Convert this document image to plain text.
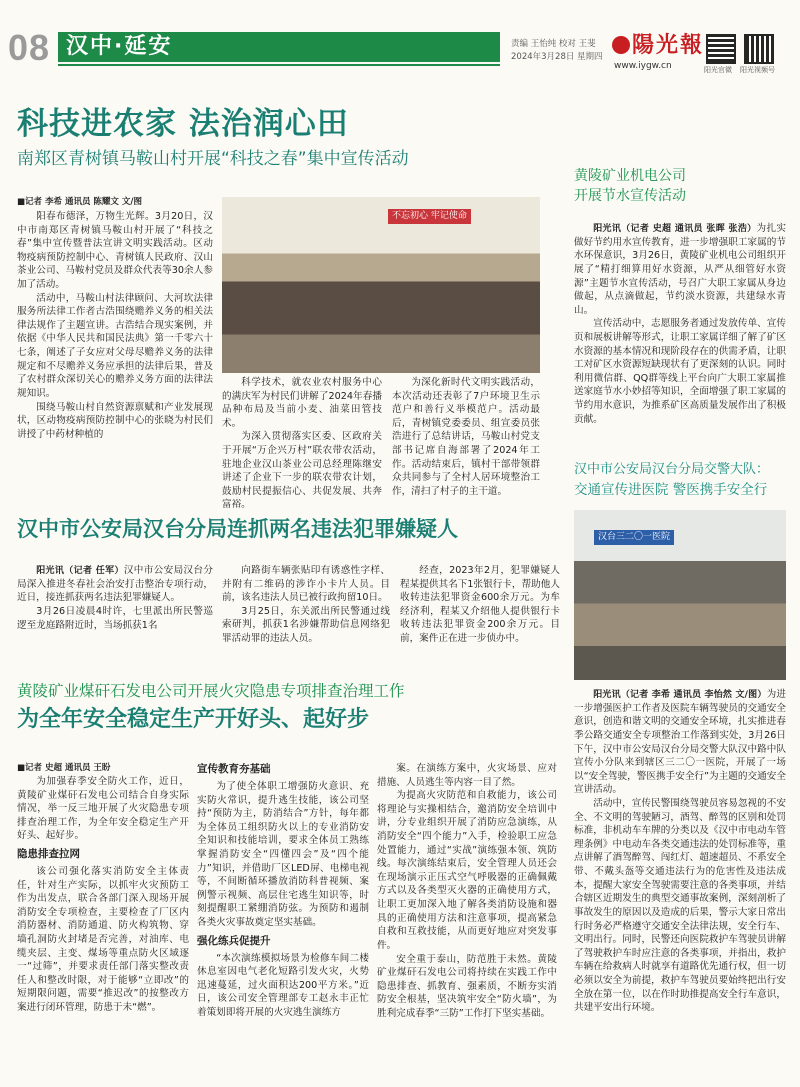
08 汉中·延安	责编 王怡纯 校对 王斐
2024年3月28日 星期四 陽光報
www.iygw.cn	阳光官微 阳光视频号
科技进农家 法治润心田
南郑区青树镇马鞍山村开展“科技之春”集中宣传活动
■记者 李希 通讯员 陈耀文 文/图

阳春布德泽，万物生光辉。3月20日，汉中市南郑区青树镇马鞍山村开展了“科技之春”集中宣传暨普法宣讲文明实践活动。区动物疫病预防控制中心、青树镇人民政府、汉山茶业公司、马鞍村党员及群众代表等30余人参加了活动。

活动中，马鞍山村法律顾问、大河坎法律服务所法律工作者古浩围绕赡养义务的相关法律法规作了主题宣讲。古浩结合现实案例，并依据《中华人民共和国民法典》第一千零六十七条，阐述了子女应对父母尽赡养义务的法律规定和不尽赡养义务应承担的法律后果，普及了农村群众深切关心的赡养义务方面的法律法规知识。

围绕马鞍山村自然资源禀赋和产业发展现状，区动物疫病预防控制中心的张晓为村民们讲授了中药材种植的

不忘初心 牢记使命

科学技术，就农业农村服务中心的满庆军为村民们讲解了2024年春播品种布局及当前小麦、油菜田管技术。

为深入贯彻落实区委、区政府关于开展“万企兴万村”联农带农活动，驻地企业汉山茶业公司总经理陈继安讲述了企业下一步的联农带农计划，鼓励村民提振信心、共促发展、共奔富裕。

为深化新时代文明实践活动，本次活动还表彰了7户环境卫生示范户和善行义举模范户。活动最后，青树镇党委委员、组宣委员张浩进行了总结讲话，马鞍山村党支部书记席自海部署了2024年工作。活动结束后，镇村干部带领群众共同参与了全村人居环境整治工作，清扫了村子的主干道。

黄陵矿业机电公司
开展节水宣传活动

阳光讯（记者 史超 通讯员 张晖 张浩）为扎实做好节约用水宣传教育，进一步增强职工家属的节水环保意识，3月26日，黄陵矿业机电公司组织开展了“精打细算用好水资源，从严从细管好水资源”主题节水宣传活动，号召广大职工家属从身边做起，从点滴做起，节约淡水资源，共建绿水青山。

宣传活动中，志愿服务者通过发放传单、宣传页和展板讲解等形式，让职工家属详细了解了矿区水资源的基本情况和现阶段存在的供需矛盾，让职工对矿区水资源短缺现状有了更深刻的认识。同时利用微信群、QQ群等线上平台向广大职工家属推送家庭节水小妙招等知识，全面增强了职工家属的节约用水意识，为推系矿区高质量发展作出了积极贡献。

汉中市公安局汉台分局交警大队：
交通宣传进医院 警医携手安全行
汉台三二〇一医院

阳光讯（记者 李希 通讯员 李怡然 文/图）为进一步增强医护工作者及医院车辆驾驶员的交通安全意识，创造和谐文明的交通安全环境，扎实推进春季公路交通安全专项整治工作落到实处，3月26日下午，汉中市公安局汉台分局交警大队汉中路中队宣传小分队来到辖区三二〇一医院，开展了一场以“安全驾驶，警医携手安全行”为主题的交通安全宣讲活动。

活动中，宣传民警围绕驾驶员容易忽视的不安全、不文明的驾驶陋习，酒驾、醉驾的区别和处罚标准，非机动车车牌的分类以及《汉中市电动车管理条例》中电动车各类交通违法的处罚标准等，重点讲解了酒驾醉驾、闯红灯、超速超员、不系安全带、不戴头盔等交通违法行为的危害性及违法成本，提醒大家安全驾驶需要注意的各类事项，并结合辖区近期发生的典型交通事故案例，深刻剖析了事故发生的原因以及造成的后果，警示大家日常出行时务必严格遵守交通安全法律法规，安全行车、文明出行。同时，民警还向医院救护车驾驶员讲解了驾驶救护车时应注意的各类事项，并指出，救护车辆在给救病人时就享有道路优先通行权，但一切必须以安全为前提，救护车驾驶员要始终把出行安全放在第一位，以在作时助推提高安全行车意识，共建平安出行环境。

汉中市公安局汉台分局连抓两名违法犯罪嫌疑人

阳光讯（记者 任军）汉中市公安局汉台分局深入推进冬春社会治安打击整治专项行动，近日，接连抓获两名违法犯罪嫌疑人。

3月26日凌晨4时许，七里派出所民警巡逻至龙庭路附近时，当场抓获1名

向路街车辆张贴印有诱惑性字样、并附有二维码的涉诈小卡片人员。目前，该名违法人员已被行政拘留10日。

3月25日，东关派出所民警通过线索研判，抓获1名涉嫌帮助信息网络犯罪活动罪的违法人员。

经查，2023年2月，犯罪嫌疑人程某提供其名下1张银行卡，帮助他人收转违法犯罪资金600余万元。为牟经济利，程某又介绍他人提供银行卡收转违法犯罪资金200余万元。目前，案件正在进一步侦办中。

黄陵矿业煤矸石发电公司开展火灾隐患专项排查治理工作
为全年安全稳定生产开好头、起好步
■记者 史超 通讯员 王盼

为加强春季安全防火工作，近日，黄陵矿业煤矸石发电公司结合自身实际情况，举一反三地开展了火灾隐患专项排查治理工作，为全年安全稳定生产开好头、起好步。

隐患排查拉网

该公司强化落实消防安全主体责任，针对生产实际，以抓牢火灾预防工作为出发点，联合各部门深入现场开展消防安全专项检查，主要检查了厂区内消防器材、消防通道、防火构筑物、穿墙孔洞防火封堵是否完善，对油库、电缆夹层、主变、煤场等重点防火区域逐一“过筛”，并要求责任部门落实整改责任人和整改时限，对于能够“立即改”的短期限问题，需要“推迟改”的按整改方案进行闭环管理，防患于未“燃”。

宣传教育夯基础

为了使全体职工增强防火意识、充实防火常识，提升逃生技能，该公司坚持“预防为主，防消结合”方针，每年都为全体员工组织防火以上的专业消防安全知识和技能培训，要求全体员工熟练掌握消防安全“四懂四会”及“四个能力”知识，并借助厂区LED屏、电梯电视等，不间断循环播放消防科普视频、案例警示视频、高层住宅逃生知识等，时刻提醒职工紧绷消防弦。为预防和遏制各类火灾事故奠定坚实基础。

强化练兵促提升

“本次演练模拟场景为检修车间二楼休息室因电气老化短路引发火灾，火势迅速蔓延，过火面积达200平方米。”近日，该公司安全管理部专工赵永丰正忙着策划即将开展的火灾逃生演练方

案。在演练方案中，火灾场景、应对措施、人员逃生等内容一目了然。

为提高火灾防范和自救能力，该公司将理论与实操相结合，邀消防安全培训中讲，分专业组织开展了消防应急演练，从消防安全“四个能力”入手，检验职工应急处置能力，通过“实战”演练强本领、筑防线。每次演练结束后，安全管理人员还会在现场演示正压式空气呼吸器的正确佩戴方式以及各类型灭火器的正确使用方式，让职工更加深入地了解各类消防设施和器具的正确使用方法和注意事项，提高紧急自救和互救技能，从而更好地应对突发事件。

安全重于泰山，防范胜于未然。黄陵矿业煤矸石发电公司将持续在实践工作中隐患排查、抓教育、强素质，不断夯实消防安全根基，坚决筑牢安全“防火墙”，为胜利完成春季“三防”工作打下坚实基础。
